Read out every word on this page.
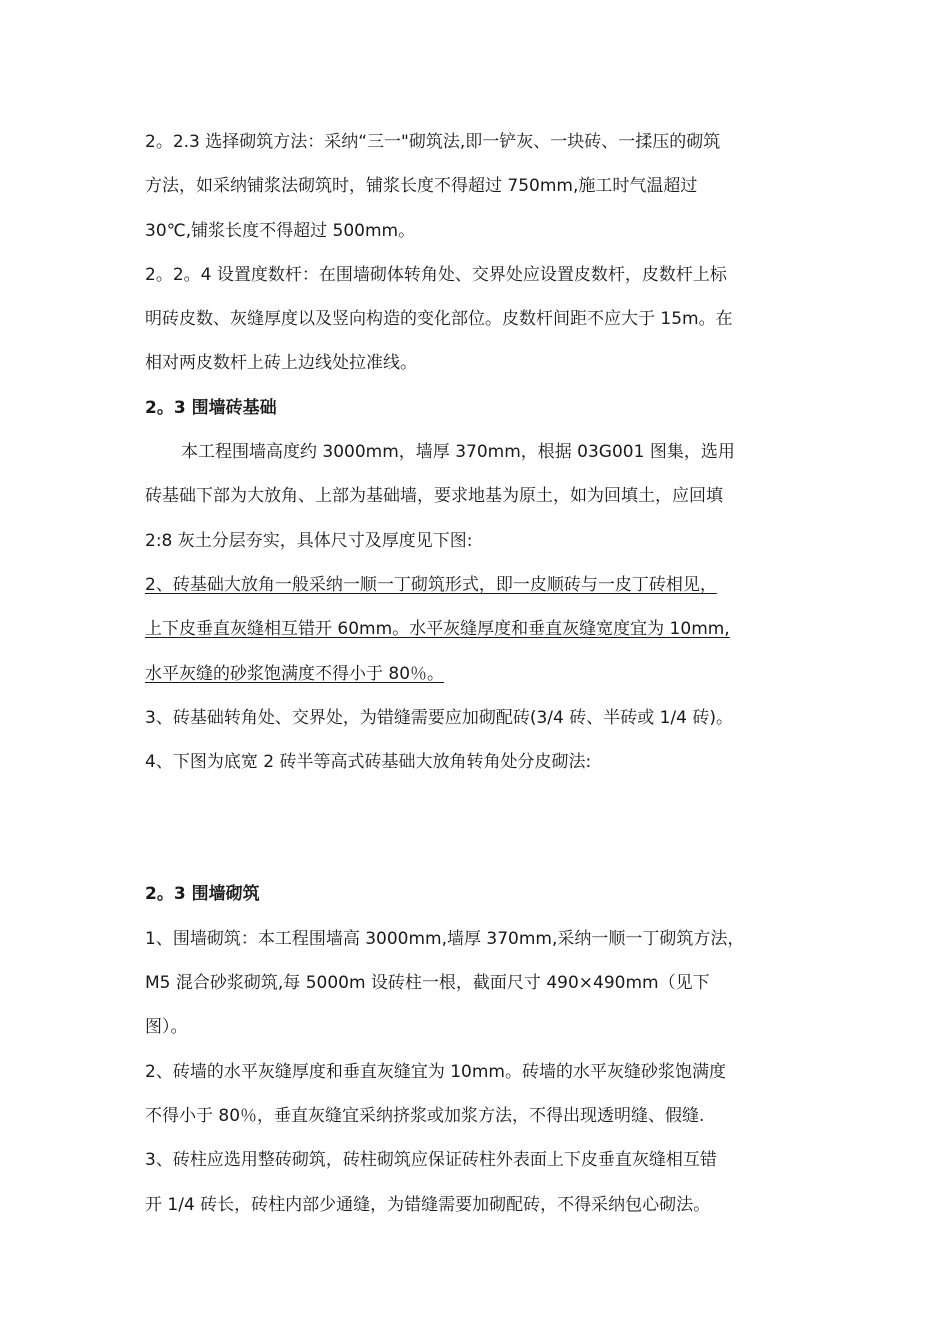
2。2.3 选择砌筑方法：采纳“三一"砌筑法,即一铲灰、一块砖、一揉压的砌筑
方法，如采纳铺浆法砌筑时，铺浆长度不得超过 750mm,施工时气温超过
30℃,铺浆长度不得超过 500mm。
2。2。4 设置度数杆：在围墙砌体转角处、交界处应设置皮数杆，皮数杆上标
明砖皮数、灰缝厚度以及竖向构造的变化部位。皮数杆间距不应大于 15m。在
相对两皮数杆上砖上边线处拉准线。
2。3 围墙砖基础
本工程围墙高度约 3000mm，墙厚 370mm，根据 03G001 图集，选用
砖基础下部为大放角、上部为基础墙，要求地基为原土，如为回填土，应回填
2:8 灰土分层夯实，具体尺寸及厚度见下图:
2、砖基础大放角一般采纳一顺一丁砌筑形式，即一皮顺砖与一皮丁砖相见，
上下皮垂直灰缝相互错开 60mm。水平灰缝厚度和垂直灰缝宽度宜为 10mm,
水平灰缝的砂浆饱满度不得小于 80％。
3、砖基础转角处、交界处，为错缝需要应加砌配砖(3/4 砖、半砖或 1/4 砖)。
4、下图为底宽 2 砖半等高式砖基础大放角转角处分皮砌法:
2。3 围墙砌筑
1、围墙砌筑：本工程围墙高 3000mm,墙厚 370mm,采纳一顺一丁砌筑方法，
M5 混合砂浆砌筑,每 5000m 设砖柱一根，截面尺寸 490×490mm（见下
图）。
2、砖墙的水平灰缝厚度和垂直灰缝宜为 10mm。砖墙的水平灰缝砂浆饱满度
不得小于 80％，垂直灰缝宜采纳挤浆或加浆方法，不得出现透明缝、假缝.
3、砖柱应选用整砖砌筑，砖柱砌筑应保证砖柱外表面上下皮垂直灰缝相互错
开 1/4 砖长，砖柱内部少通缝，为错缝需要加砌配砖，不得采纳包心砌法。
